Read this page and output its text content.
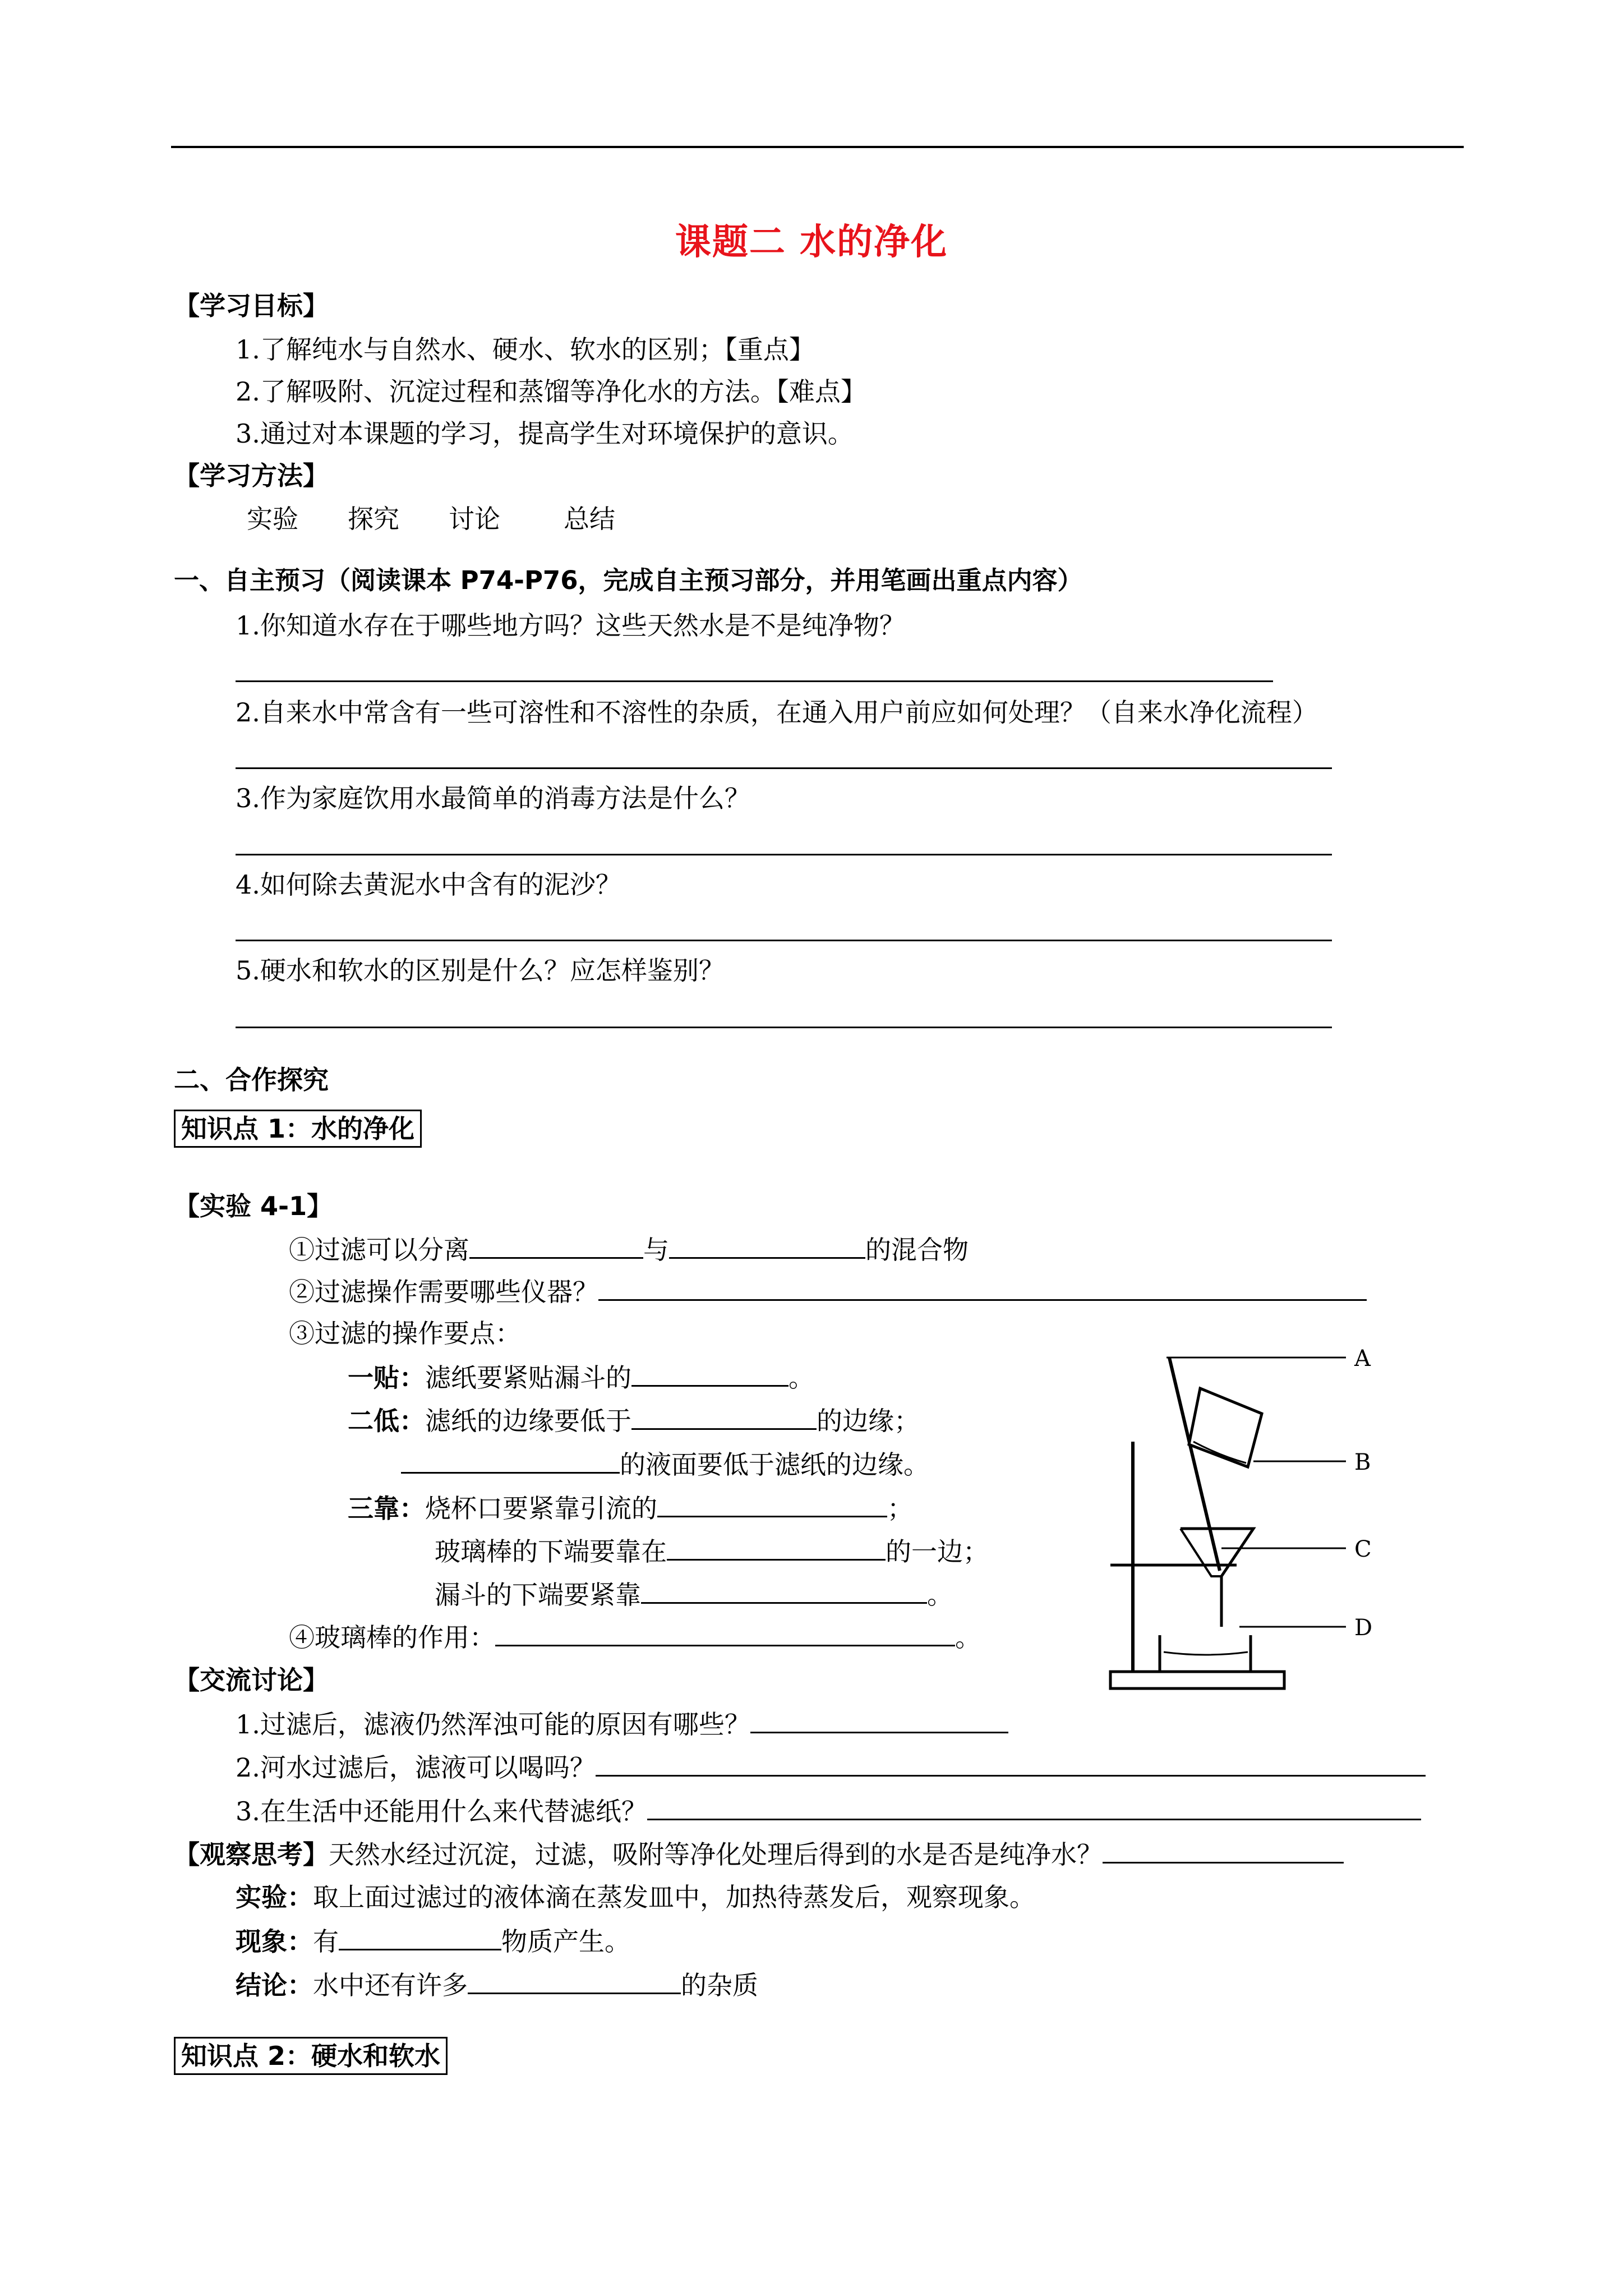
课题二 水的净化
【学习目标】
1.了解纯水与自然水、硬水、软水的区别；【重点】
2.了解吸附、沉淀过程和蒸馏等净化水的方法。【难点】
3.通过对本课题的学习，提高学生对环境保护的意识。
【学习方法】
实验 探究 讨论 总结
一、自主预习（阅读课本 P74-P76，完成自主预习部分，并用笔画出重点内容）
1.你知道水存在于哪些地方吗？这些天然水是不是纯净物？
2.自来水中常含有一些可溶性和不溶性的杂质，在通入用户前应如何处理？（自来水净化流程）
3.作为家庭饮用水最简单的消毒方法是什么？
4.如何除去黄泥水中含有的泥沙？
5.硬水和软水的区别是什么？应怎样鉴别？
二、合作探究
知识点 1：水的净化
【实验 4-1】
①过滤可以分离	与	的混合物
②过滤操作需要哪些仪器？
③过滤的操作要点：
一贴：滤纸要紧贴漏斗的	。
二低：滤纸的边缘要低于	的边缘；
的液面要低于滤纸的边缘。
三靠：烧杯口要紧靠引流的	；
玻璃棒的下端要靠在	的一边；
漏斗的下端要紧靠	。
④玻璃棒的作用：	。
A
B
C
D
【交流讨论】
1.过滤后，滤液仍然浑浊可能的原因有哪些？
2.河水过滤后，滤液可以喝吗？
3.在生活中还能用什么来代替滤纸？
【观察思考】天然水经过沉淀，过滤，吸附等净化处理后得到的水是否是纯净水？
实验：取上面过滤过的液体滴在蒸发皿中，加热待蒸发后，观察现象。
现象：有	物质产生。
结论：水中还有许多	的杂质
知识点 2：硬水和软水
